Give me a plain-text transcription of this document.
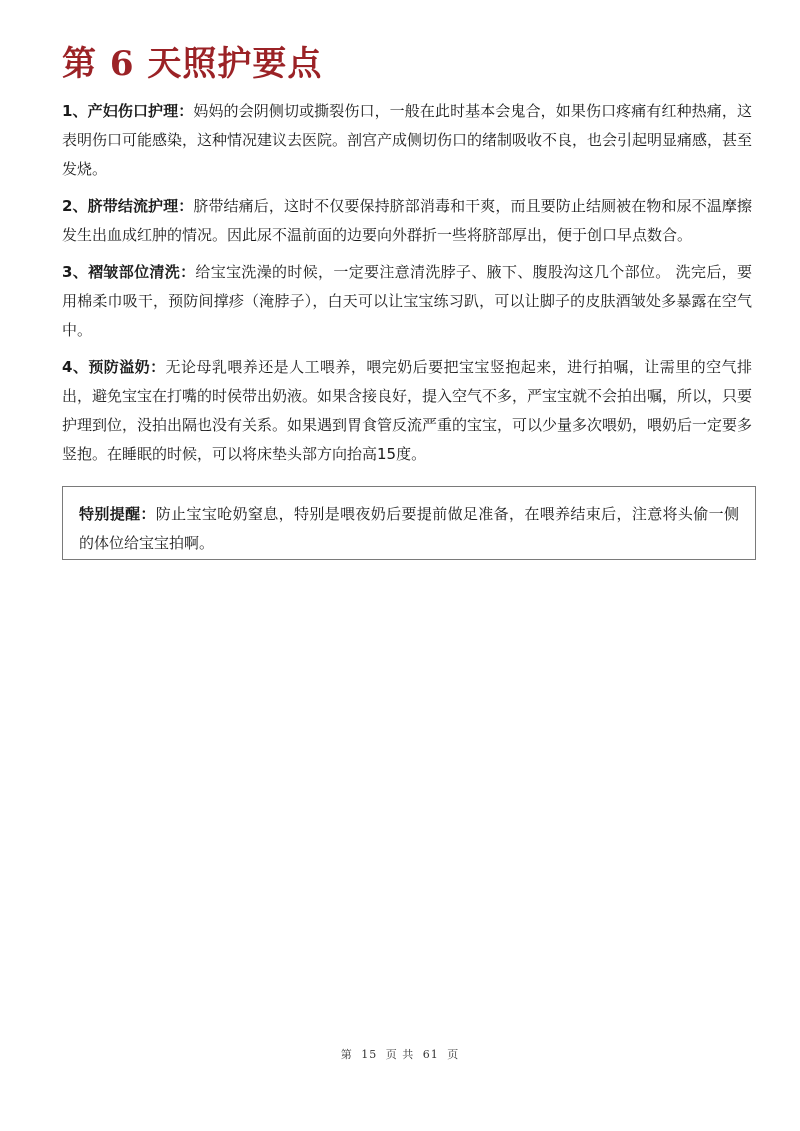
第 6 天照护要点

1、产妇伤口护理：妈妈的会阴侧切或撕裂伤口，一般在此时基本会鬼合，如果伤口疼痛有红种热痛，这表明伤口可能感染，这种情况建议去医院。剖宫产成侧切伤口的绪制吸收不良，也会引起明显痛感，甚至发烧。

2、脐带结流护理：脐带结痛后，这时不仅要保持脐部消毒和干爽，而且要防止结厕被在物和尿不温摩擦发生出血成红肿的情况。因此尿不温前面的边要向外群折一些将脐部厚出，便于创口早点数合。

3、褶皱部位清洗：给宝宝洗澡的时候，一定要注意清洗脖子、腋下、腹股沟这几个部位。 洗完后，要用棉柔巾吸干，预防间撑疹（淹脖子），白天可以让宝宝练习趴，可以让脚子的皮肤酒皱处多暴露在空气中。

4、预防溢奶：无论母乳喂养还是人工喂养，喂完奶后要把宝宝竖抱起来，进行拍嘱，让需里的空气排出，避免宝宝在打嘴的时侯带出奶液。如果含接良好，提入空气不多，严宝宝就不会拍出嘱，所以，只要护理到位，没拍出隔也没有关系。如果遇到胃食管反流严重的宝宝，可以少量多次喂奶，喂奶后一定要多竖抱。在睡眠的时候，可以将床垫头部方向抬高15度。

特别提醒：防止宝宝呛奶窒息，特别是喂夜奶后要提前做足准备，在喂养结束后，注意将头偷一侧的体位给宝宝拍啊。
第 15 页 共 61 页
